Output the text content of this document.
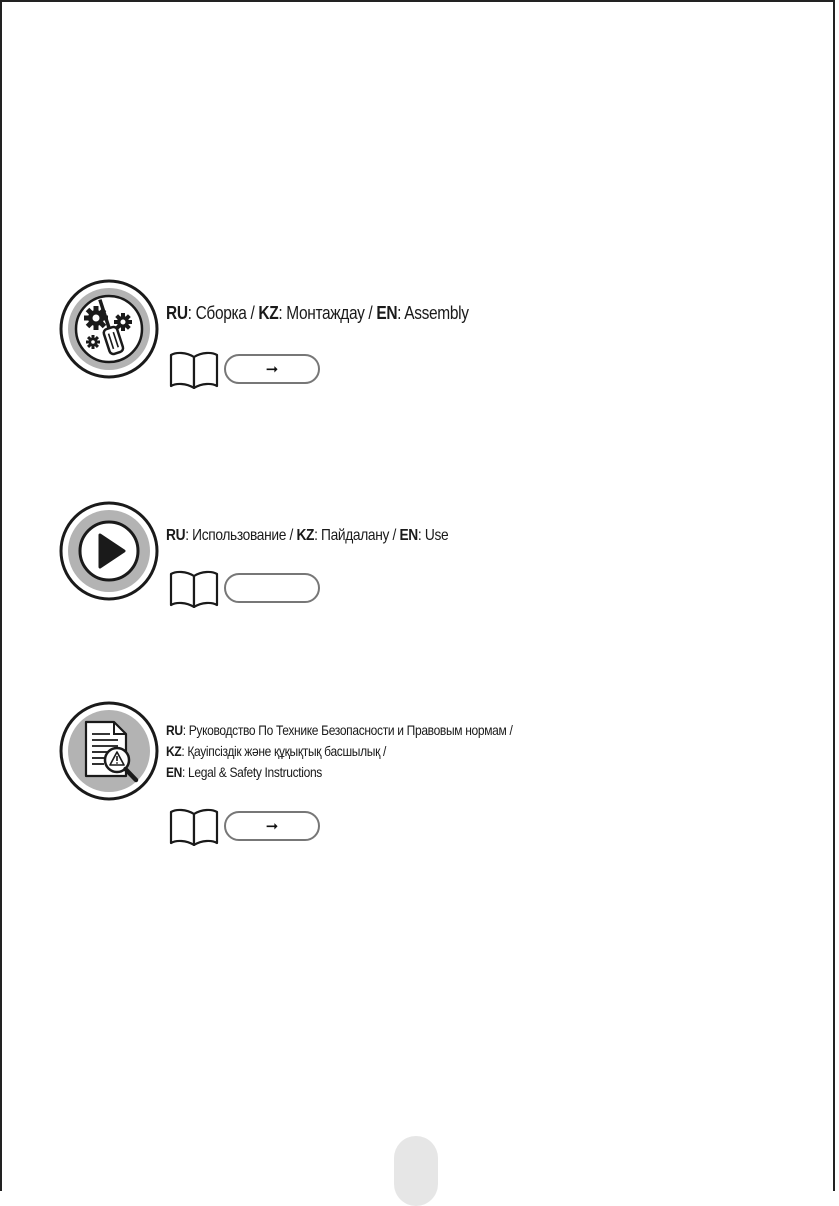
RU: Сборка / KZ: Монтаждау / EN: Assembly
➞
RU: Использование / KZ: Пайдалану / EN: Use
RU: Руководство По Технике Безопасности и Правовым нормам /
KZ: Қауіпсіздік және құқықтық басшылық /
EN: Legal & Safety Instructions
➞
